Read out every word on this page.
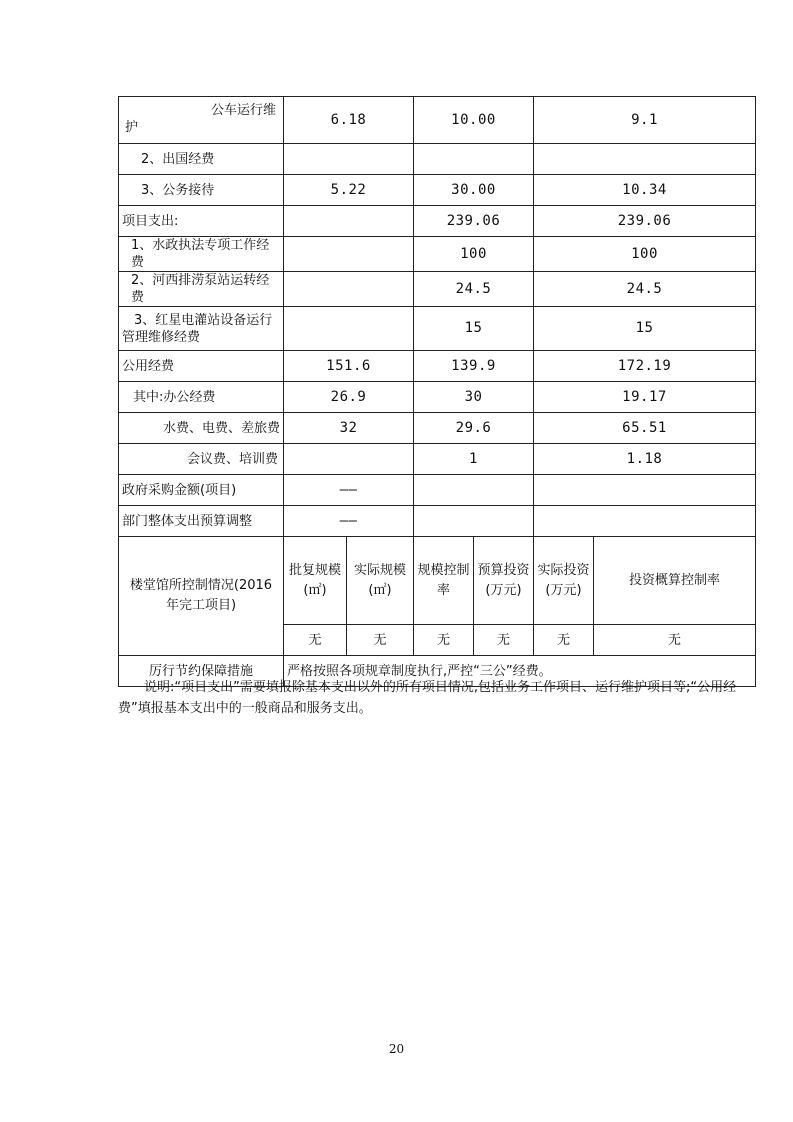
公车运行维护	6.18		10.00		9.1	
2、出国经费						
3、公务接待	5.22		30.00		10.34	
项目支出:			239.06		239.06	
1、水政执法专项工作经费			100		100	
2、河西排涝泵站运转经费			24.5		24.5	
3、红星电灌站设备运行管理维修经费			15		15	
公用经费	151.6		139.9		172.19	
其中:办公经费	26.9		30		19.17	
水费、电费、差旅费	32		29.6		65.51	
会议费、培训费			1		1.18	
政府采购金额(项目)	——					
部门整体支出预算调整	——					
楼堂馆所控制情况(2016 年完工项目)	批复规模(㎡)	实际规模(㎡)	规模控制率	预算投资(万元)	实际投资(万元)	投资概算控制率
	无	无	无	无	无	无
厉行节约保障措施	严格按照各项规章制度执行,严控“三公”经费。					

说明:“项目支出”需要填报除基本支出以外的所有项目情况,包括业务工作项目、运行维护项目等;“公用经费”填报基本支出中的一般商品和服务支出。

20
